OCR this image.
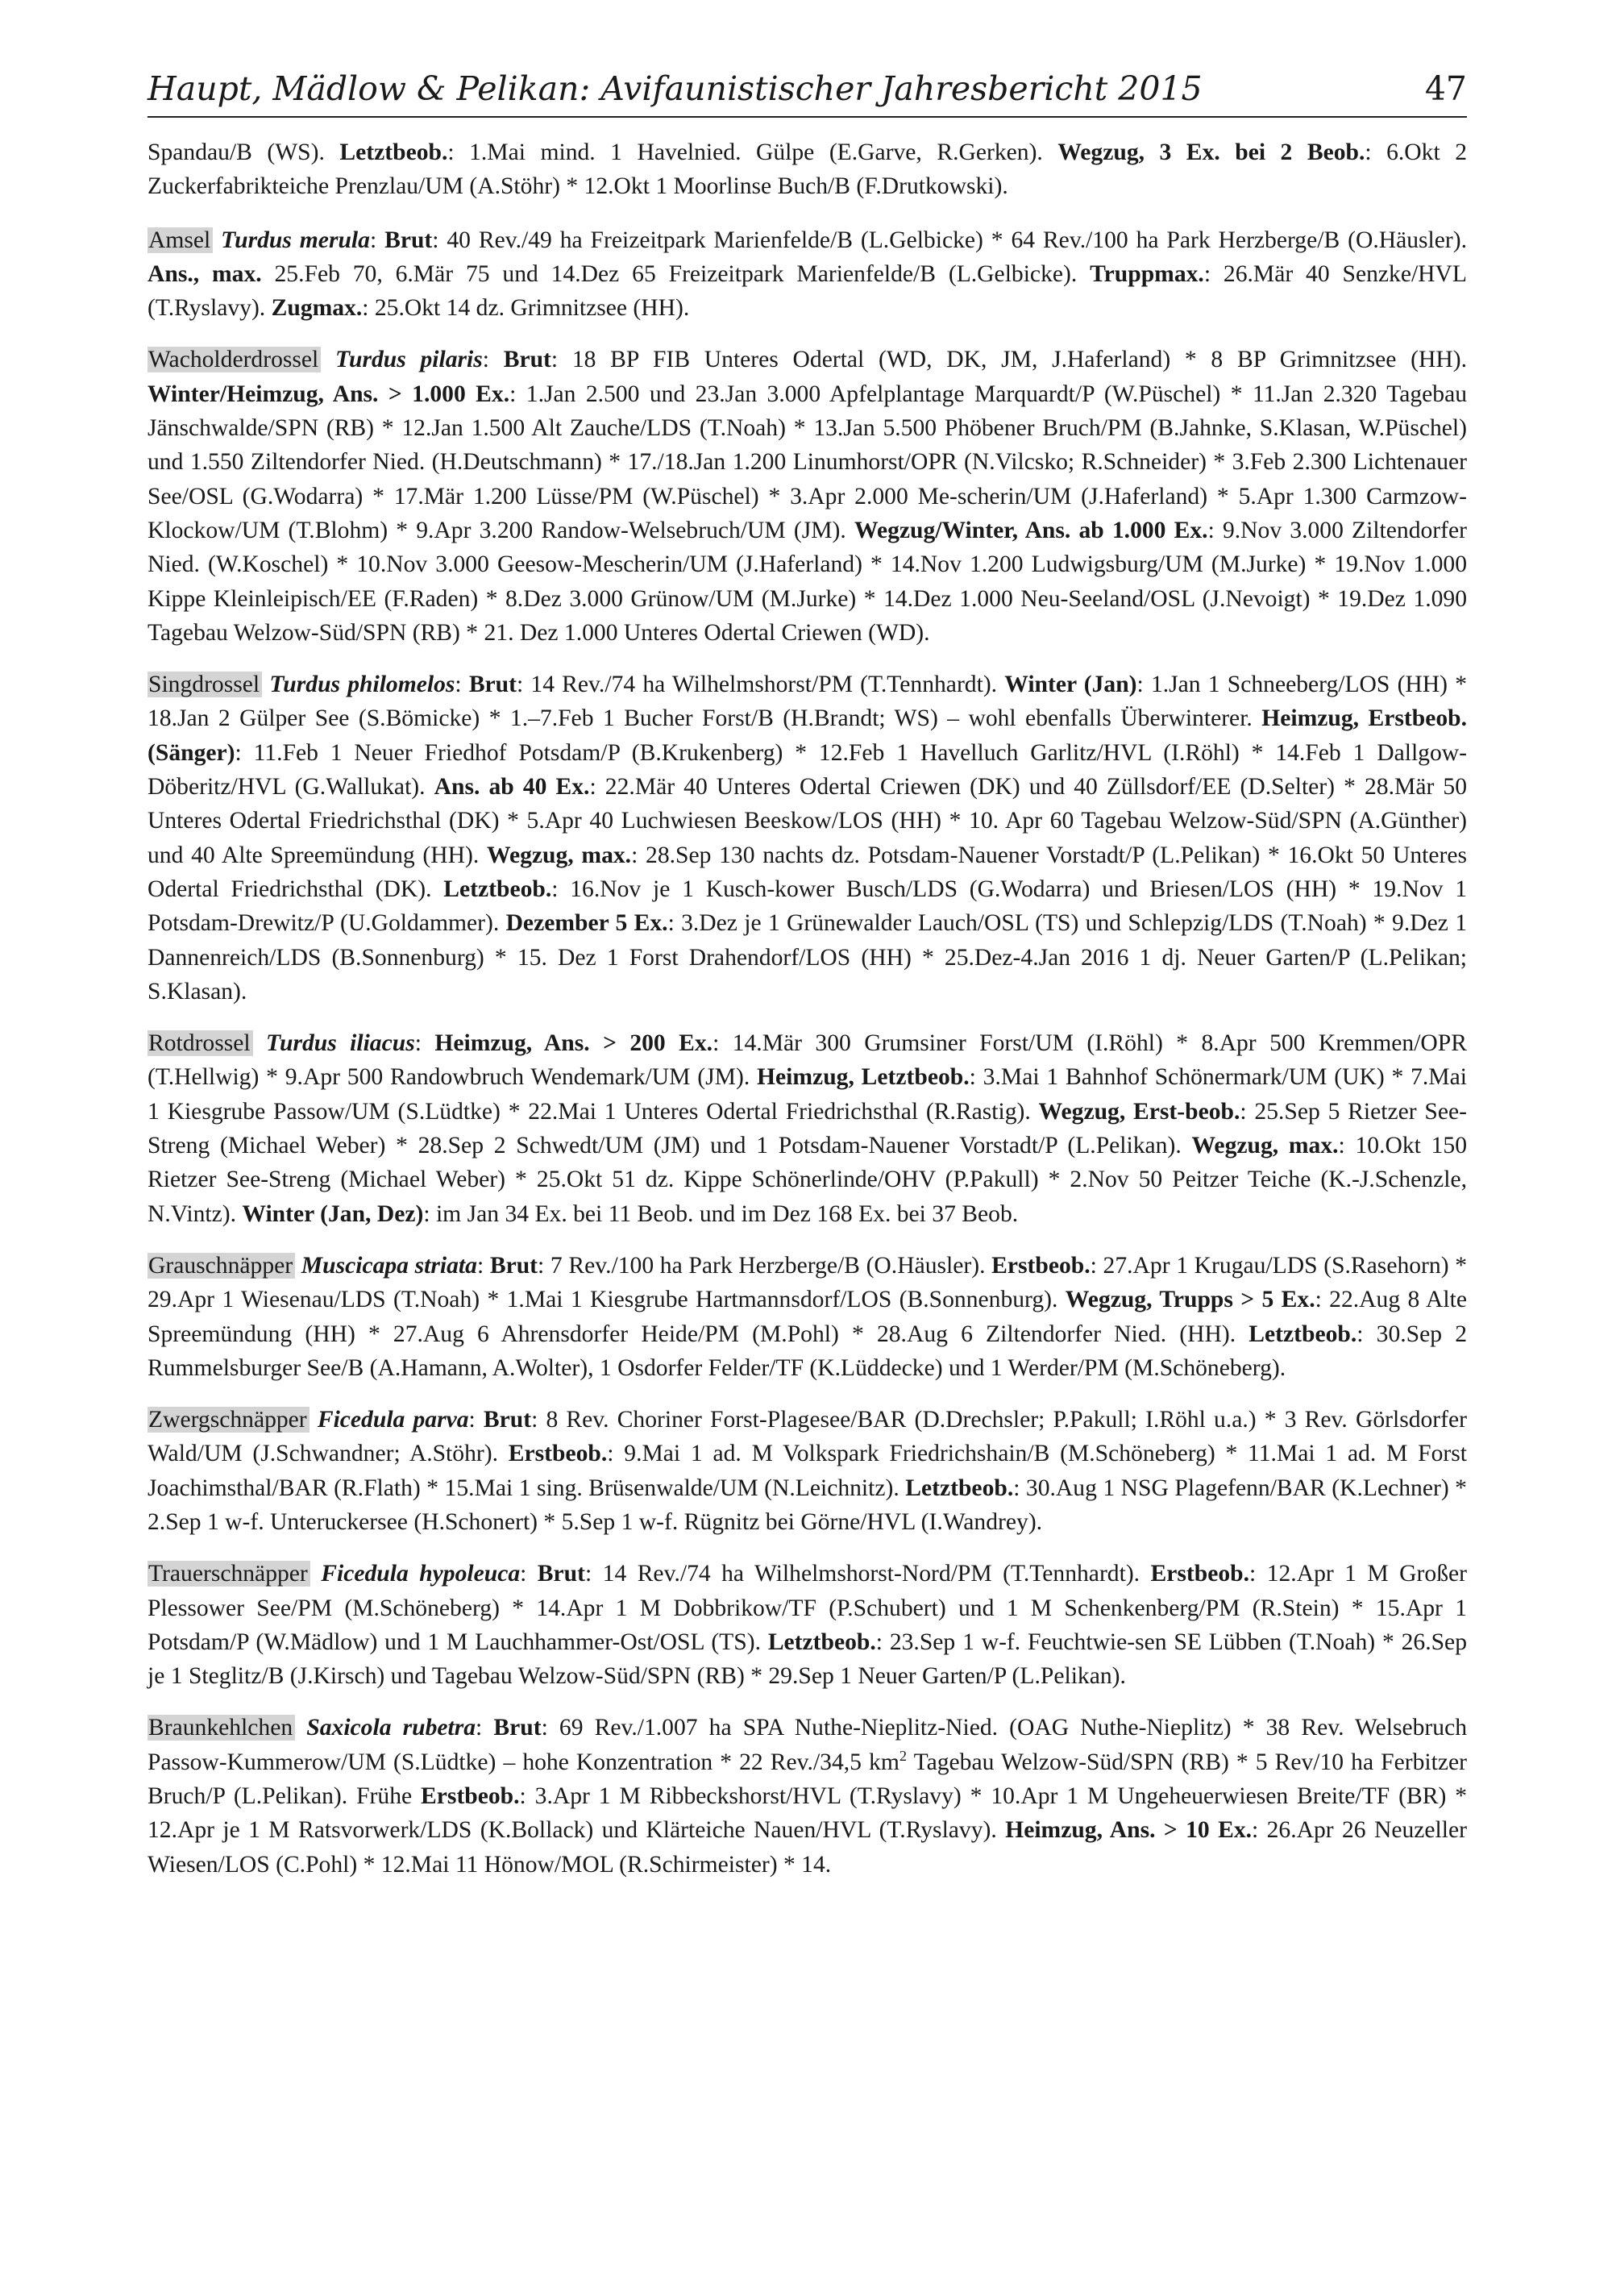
Haupt, Mädlow & Pelikan: Avifaunistischer Jahresbericht 2015	47

Spandau/B (WS). Letztbeob.: 1.Mai mind. 1 Havelnied. Gülpe (E.Garve, R.Gerken). Wegzug, 3 Ex. bei 2 Beob.: 6.Okt 2 Zuckerfabrikteiche Prenzlau/UM (A.Stöhr) * 12.Okt 1 Moorlinse Buch/B (F.Drutkowski).

Amsel Turdus merula: Brut: 40 Rev./49 ha Freizeitpark Marienfelde/B (L.Gelbicke) * 64 Rev./100 ha Park Herzberge/B (O.Häusler). Ans., max. 25.Feb 70, 6.Mär 75 und 14.Dez 65 Freizeitpark Marienfelde/B (L.Gelbicke). Truppmax.: 26.Mär 40 Senzke/HVL (T.Ryslavy). Zugmax.: 25.Okt 14 dz. Grimnitzsee (HH).

Wacholderdrossel Turdus pilaris: Brut: 18 BP FIB Unteres Odertal (WD, DK, JM, J.Haferland) * 8 BP Grimnitzsee (HH). Winter/Heimzug, Ans. > 1.000 Ex.: 1.Jan 2.500 und 23.Jan 3.000 Apfelplantage Marquardt/P (W.Püschel) * 11.Jan 2.320 Tagebau Jänschwalde/SPN (RB) * 12.Jan 1.500 Alt Zauche/LDS (T.Noah) * 13.Jan 5.500 Phöbener Bruch/PM (B.Jahnke, S.Klasan, W.Püschel) und 1.550 Ziltendorfer Nied. (H.Deutschmann) * 17./18.Jan 1.200 Linumhorst/OPR (N.Vilcsko; R.Schneider) * 3.Feb 2.300 Lichtenauer See/OSL (G.Wodarra) * 17.Mär 1.200 Lüsse/PM (W.Püschel) * 3.Apr 2.000 Me-scherin/UM (J.Haferland) * 5.Apr 1.300 Carmzow-Klockow/UM (T.Blohm) * 9.Apr 3.200 Randow-Welsebruch/UM (JM). Wegzug/Winter, Ans. ab 1.000 Ex.: 9.Nov 3.000 Ziltendorfer Nied. (W.Koschel) * 10.Nov 3.000 Geesow-Mescherin/UM (J.Haferland) * 14.Nov 1.200 Ludwigsburg/UM (M.Jurke) * 19.Nov 1.000 Kippe Kleinleipisch/EE (F.Raden) * 8.Dez 3.000 Grünow/UM (M.Jurke) * 14.Dez 1.000 Neu-Seeland/OSL (J.Nevoigt) * 19.Dez 1.090 Tagebau Welzow-Süd/SPN (RB) * 21. Dez 1.000 Unteres Odertal Criewen (WD).

Singdrossel Turdus philomelos: Brut: 14 Rev./74 ha Wilhelmshorst/PM (T.Tennhardt). Winter (Jan): 1.Jan 1 Schneeberg/LOS (HH) * 18.Jan 2 Gülper See (S.Bömicke) * 1.–7.Feb 1 Bucher Forst/B (H.Brandt; WS) – wohl ebenfalls Überwinterer. Heimzug, Erstbeob. (Sänger): 11.Feb 1 Neuer Friedhof Potsdam/P (B.Krukenberg) * 12.Feb 1 Havelluch Garlitz/HVL (I.Röhl) * 14.Feb 1 Dallgow-Döberitz/HVL (G.Wallukat). Ans. ab 40 Ex.: 22.Mär 40 Unteres Odertal Criewen (DK) und 40 Züllsdorf/EE (D.Selter) * 28.Mär 50 Unteres Odertal Friedrichsthal (DK) * 5.Apr 40 Luchwiesen Beeskow/LOS (HH) * 10. Apr 60 Tagebau Welzow-Süd/SPN (A.Günther) und 40 Alte Spreemündung (HH). Wegzug, max.: 28.Sep 130 nachts dz. Potsdam-Nauener Vorstadt/P (L.Pelikan) * 16.Okt 50 Unteres Odertal Friedrichsthal (DK). Letztbeob.: 16.Nov je 1 Kusch-kower Busch/LDS (G.Wodarra) und Briesen/LOS (HH) * 19.Nov 1 Potsdam-Drewitz/P (U.Goldammer). Dezember 5 Ex.: 3.Dez je 1 Grünewalder Lauch/OSL (TS) und Schlepzig/LDS (T.Noah) * 9.Dez 1 Dannenreich/LDS (B.Sonnenburg) * 15. Dez 1 Forst Drahendorf/LOS (HH) * 25.Dez-4.Jan 2016 1 dj. Neuer Garten/P (L.Pelikan; S.Klasan).

Rotdrossel Turdus iliacus: Heimzug, Ans. > 200 Ex.: 14.Mär 300 Grumsiner Forst/UM (I.Röhl) * 8.Apr 500 Kremmen/OPR (T.Hellwig) * 9.Apr 500 Randowbruch Wendemark/UM (JM). Heimzug, Letztbeob.: 3.Mai 1 Bahnhof Schönermark/UM (UK) * 7.Mai 1 Kiesgrube Passow/UM (S.Lüdtke) * 22.Mai 1 Unteres Odertal Friedrichsthal (R.Rastig). Wegzug, Erst-beob.: 25.Sep 5 Rietzer See-Streng (Michael Weber) * 28.Sep 2 Schwedt/UM (JM) und 1 Potsdam-Nauener Vorstadt/P (L.Pelikan). Wegzug, max.: 10.Okt 150 Rietzer See-Streng (Michael Weber) * 25.Okt 51 dz. Kippe Schönerlinde/OHV (P.Pakull) * 2.Nov 50 Peitzer Teiche (K.-J.Schenzle, N.Vintz). Winter (Jan, Dez): im Jan 34 Ex. bei 11 Beob. und im Dez 168 Ex. bei 37 Beob.

Grauschnäpper Muscicapa striata: Brut: 7 Rev./100 ha Park Herzberge/B (O.Häusler). Erstbeob.: 27.Apr 1 Krugau/LDS (S.Rasehorn) * 29.Apr 1 Wiesenau/LDS (T.Noah) * 1.Mai 1 Kiesgrube Hartmannsdorf/LOS (B.Sonnenburg). Wegzug, Trupps > 5 Ex.: 22.Aug 8 Alte Spreemündung (HH) * 27.Aug 6 Ahrensdorfer Heide/PM (M.Pohl) * 28.Aug 6 Ziltendorfer Nied. (HH). Letztbeob.: 30.Sep 2 Rummelsburger See/B (A.Hamann, A.Wolter), 1 Osdorfer Felder/TF (K.Lüddecke) und 1 Werder/PM (M.Schöneberg).

Zwergschnäpper Ficedula parva: Brut: 8 Rev. Choriner Forst-Plagesee/BAR (D.Drechsler; P.Pakull; I.Röhl u.a.) * 3 Rev. Görlsdorfer Wald/UM (J.Schwandner; A.Stöhr). Erstbeob.: 9.Mai 1 ad. M Volkspark Friedrichshain/B (M.Schöneberg) * 11.Mai 1 ad. M Forst Joachimsthal/BAR (R.Flath) * 15.Mai 1 sing. Brüsenwalde/UM (N.Leichnitz). Letztbeob.: 30.Aug 1 NSG Plagefenn/BAR (K.Lechner) * 2.Sep 1 w-f. Unteruckersee (H.Schonert) * 5.Sep 1 w-f. Rügnitz bei Görne/HVL (I.Wandrey).

Trauerschnäpper Ficedula hypoleuca: Brut: 14 Rev./74 ha Wilhelmshorst-Nord/PM (T.Tennhardt). Erstbeob.: 12.Apr 1 M Großer Plessower See/PM (M.Schöneberg) * 14.Apr 1 M Dobbrikow/TF (P.Schubert) und 1 M Schenkenberg/PM (R.Stein) * 15.Apr 1 Potsdam/P (W.Mädlow) und 1 M Lauchhammer-Ost/OSL (TS). Letztbeob.: 23.Sep 1 w-f. Feuchtwie-sen SE Lübben (T.Noah) * 26.Sep je 1 Steglitz/B (J.Kirsch) und Tagebau Welzow-Süd/SPN (RB) * 29.Sep 1 Neuer Garten/P (L.Pelikan).

Braunkehlchen Saxicola rubetra: Brut: 69 Rev./1.007 ha SPA Nuthe-Nieplitz-Nied. (OAG Nuthe-Nieplitz) * 38 Rev. Welsebruch Passow-Kummerow/UM (S.Lüdtke) – hohe Konzentration * 22 Rev./34,5 $km^2$ Tagebau Welzow-Süd/SPN (RB) * 5 Rev/10 ha Ferbitzer Bruch/P (L.Pelikan). Frühe Erstbeob.: 3.Apr 1 M Ribbeckshorst/HVL (T.Ryslavy) * 10.Apr 1 M Ungeheuerwiesen Breite/TF (BR) * 12.Apr je 1 M Ratsvorwerk/LDS (K.Bollack) und Klärteiche Nauen/HVL (T.Ryslavy). Heimzug, Ans. > 10 Ex.: 26.Apr 26 Neuzeller Wiesen/LOS (C.Pohl) * 12.Mai 11 Hönow/MOL (R.Schirmeister) * 14.
